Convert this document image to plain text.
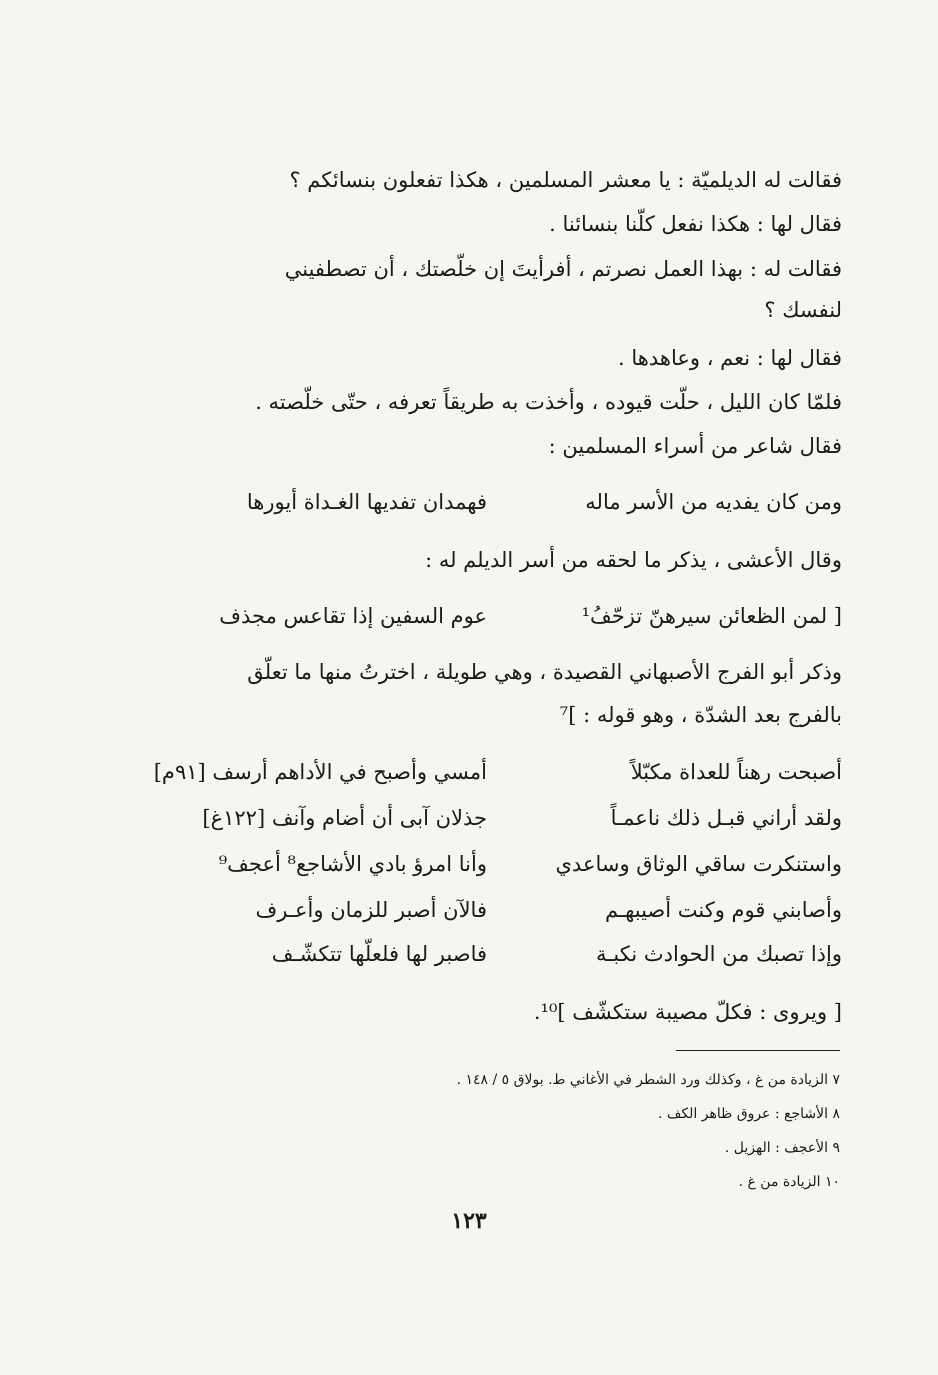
فقالت له الديلميّة : يا معشر المسلمين ، هكذا تفعلون بنسائكم ؟
فقال لها : هكذا نفعل كلّنا بنسائنا .
فقالت له : بهذا العمل نصرتم ، أفرأيتَ إن خلّصتك ، أن تصطفيني
لنفسك ؟
فقال لها : نعم ، وعاهدها .
فلمّا كان الليل ، حلّت قيوده ، وأخذت به طريقاً تعرفه ، حتّى خلّصته .
فقال شاعر من أسراء المسلمين :
ومن كان يفديه من الأسر ماله
فهمدان تفديها الغـداة أيورها
وقال الأعشى ، يذكر ما لحقه من أسر الديلم له :
[ لمن الظعائن سيرهنّ تزحّفُ¹
عوم السفين إذا تقاعس مجذف
وذكر أبو الفرج الأصبهاني القصيدة ، وهي طويلة ، اخترتُ منها ما تعلّق
بالفرج بعد الشدّة ، وهو قوله : ]⁷
أصبحت رهناً للعداة مكبّلاً
أمسي وأصبح في الأداهم أرسف [٩١م]
ولقد أراني قبـل ذلك ناعمـاً
جذلان آبى أن أضام وآنف [١٢٢غ]
واستنكرت ساقي الوثاق وساعدي
وأنا امرؤ بادي الأشاجع⁸ أعجف⁹
وأصابني قوم وكنت أصيبهـم
فالآن أصبر للزمان وأعـرف
وإذا تصبك من الحوادث نكبـة
فاصبر لها فلعلّها تتكشّـف
[ ويروى : فكلّ مصيبة ستكشّف ]¹⁰.
٧ الزيادة من غ ، وكذلك ورد الشطر في الأغاني ط. بولاق ٥ / ١٤٨ .
٨ الأشاجع : عروق ظاهر الكف .
٩ الأعجف : الهزيل .
١٠ الزيادة من غ .
١٢٣
